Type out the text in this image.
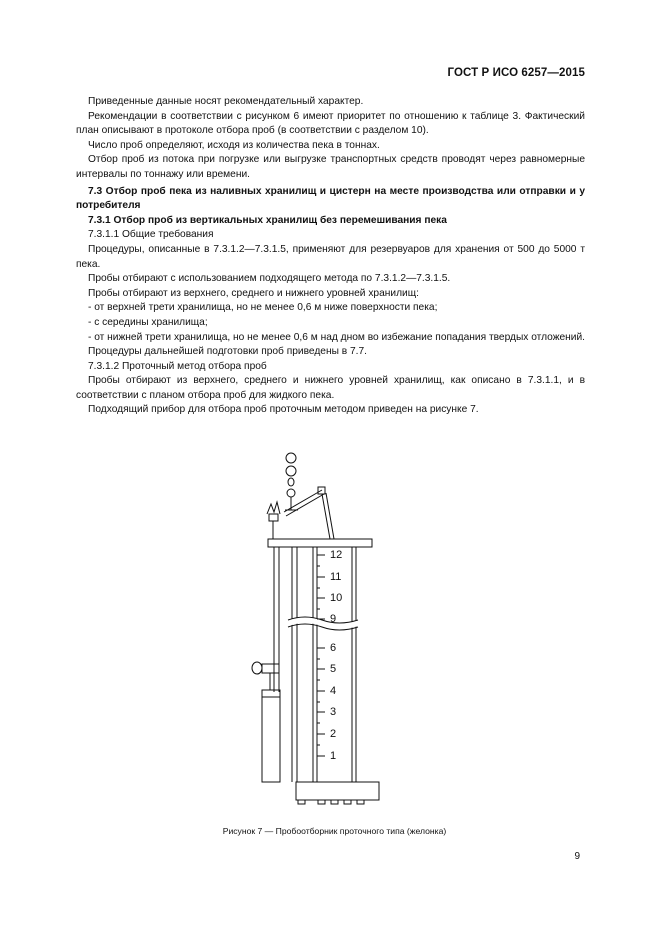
ГОСТ Р ИСО 6257—2015

Приведенные данные носят рекомендательный характер.

Рекомендации в соответствии с рисунком 6 имеют приоритет по отношению к таблице 3. Фактический план описывают в протоколе отбора проб (в соответствии с разделом 10).

Число проб определяют, исходя из количества пека в тоннах.

Отбор проб из потока при погрузке или выгрузке транспортных средств проводят через равномерные интервалы по тоннажу или времени.

7.3 Отбор проб пека из наливных хранилищ и цистерн на месте производства или отправки и у потребителя

7.3.1 Отбор проб из вертикальных хранилищ без перемешивания пека

7.3.1.1 Общие требования

Процедуры, описанные в 7.3.1.2—7.3.1.5, применяют для резервуаров для хранения от 500 до 5000 т пека.

Пробы отбирают с использованием подходящего метода по 7.3.1.2—7.3.1.5.

Пробы отбирают из верхнего, среднего и нижнего уровней хранилищ:

- от верхней трети хранилища, но не менее 0,6 м ниже поверхности пека;

- с середины хранилища;

- от нижней трети хранилища, но не менее 0,6 м над дном во избежание попадания твердых отложений.

Процедуры дальнейшей подготовки проб приведены в 7.7.

7.3.1.2 Проточный метод отбора проб

Пробы отбирают из верхнего, среднего и нижнего уровней хранилищ, как описано в 7.3.1.1, и в соответствии с планом отбора проб для жидкого пека.

Подходящий прибор для отбора проб проточным методом приведен на рисунке 7.

12
11
10
9
6
5
4
3
2
1
Рисунок 7 — Пробоотборник проточного типа (желонка)
9
